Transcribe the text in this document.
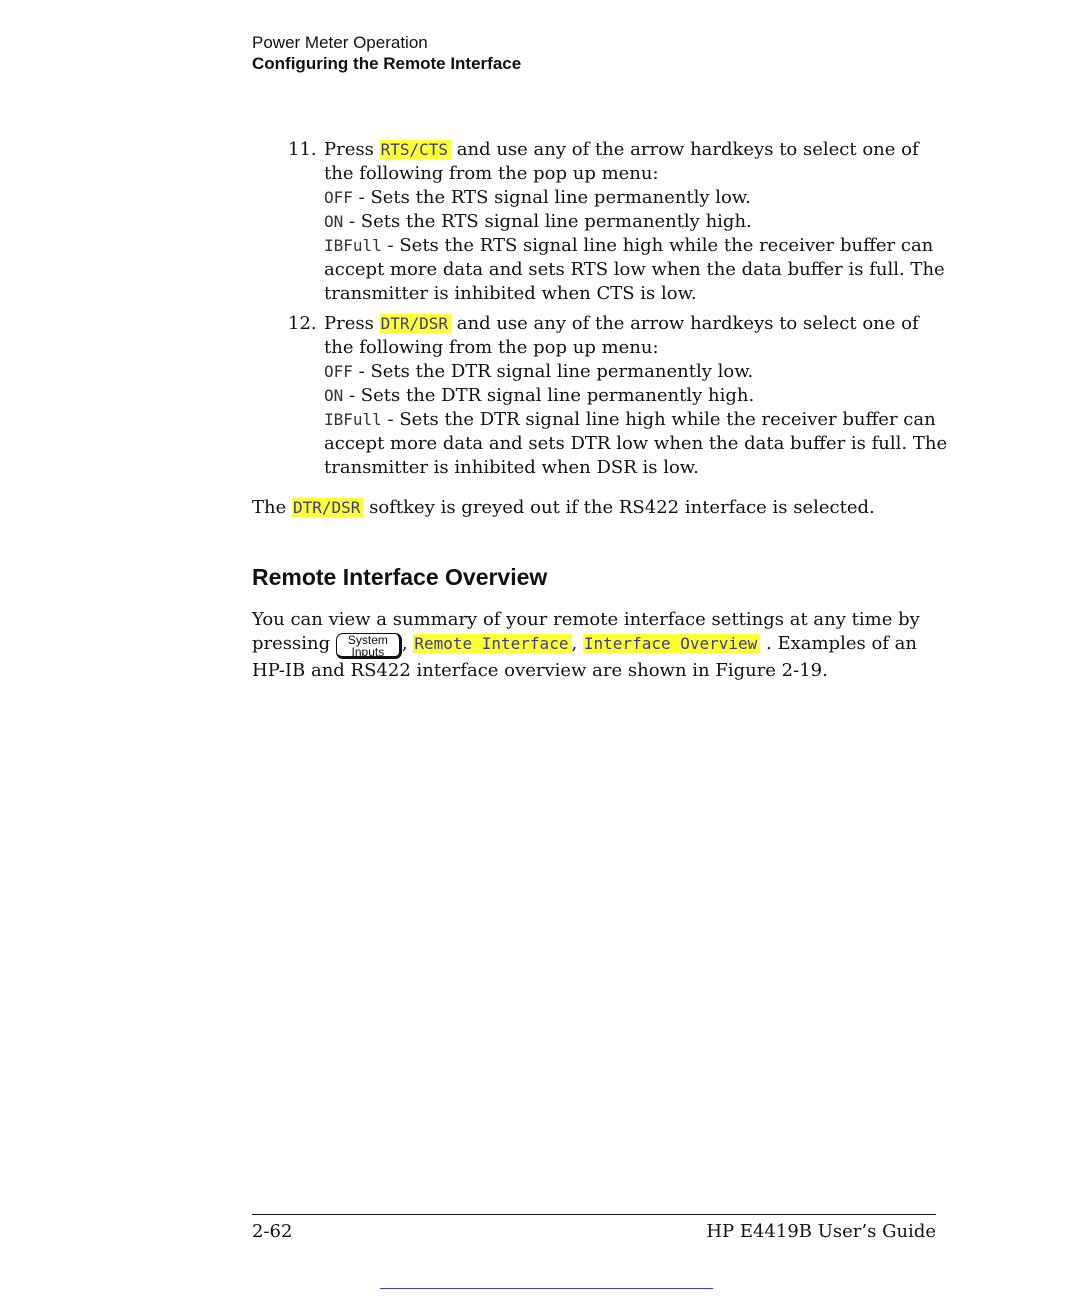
Power Meter Operation
Configuring the Remote Interface
11. Press RTS/CTS and use any of the arrow hardkeys to select one of the following from the pop up menu:
OFF - Sets the RTS signal line permanently low.
ON - Sets the RTS signal line permanently high.
IBFull - Sets the RTS signal line high while the receiver buffer can accept more data and sets RTS low when the data buffer is full. The transmitter is inhibited when CTS is low.
12. Press DTR/DSR and use any of the arrow hardkeys to select one of the following from the pop up menu:
OFF - Sets the DTR signal line permanently low.
ON - Sets the DTR signal line permanently high.
IBFull - Sets the DTR signal line high while the receiver buffer can accept more data and sets DTR low when the data buffer is full. The transmitter is inhibited when DSR is low.
The DTR/DSR softkey is greyed out if the RS422 interface is selected.
Remote Interface Overview
You can view a summary of your remote interface settings at any time by pressing	System
Inputs , Remote Interface , Interface Overview . Examples of an HP-IB and RS422 interface overview are shown in Figure 2-19.
2-62	HP E4419B User’s Guide
